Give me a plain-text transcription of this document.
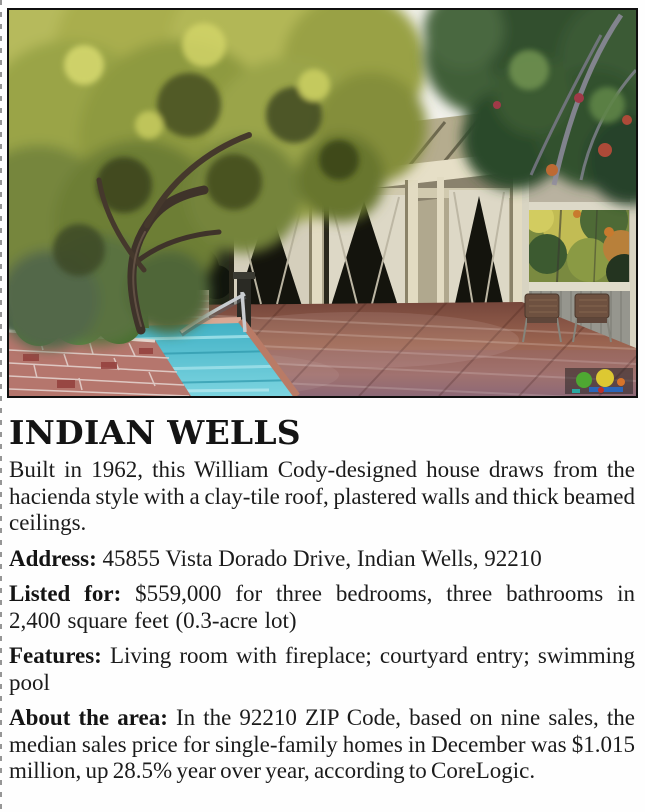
INDIAN WELLS

Built in 1962, this William Cody-designed house draws from the hacienda style with a clay-tile roof, plastered walls and thick beamed ceilings.

Address: 45855 Vista Dorado Drive, Indian Wells, 92210

Listed for: $559,000 for three bedrooms, three bathrooms in 2,400 square feet (0.3-acre lot)

Features: Living room with fireplace; courtyard entry; swimming pool

About the area: In the 92210 ZIP Code, based on nine sales, the median sales price for single-family homes in December was $1.015 million, up 28.5% year over year, according to CoreLogic.
